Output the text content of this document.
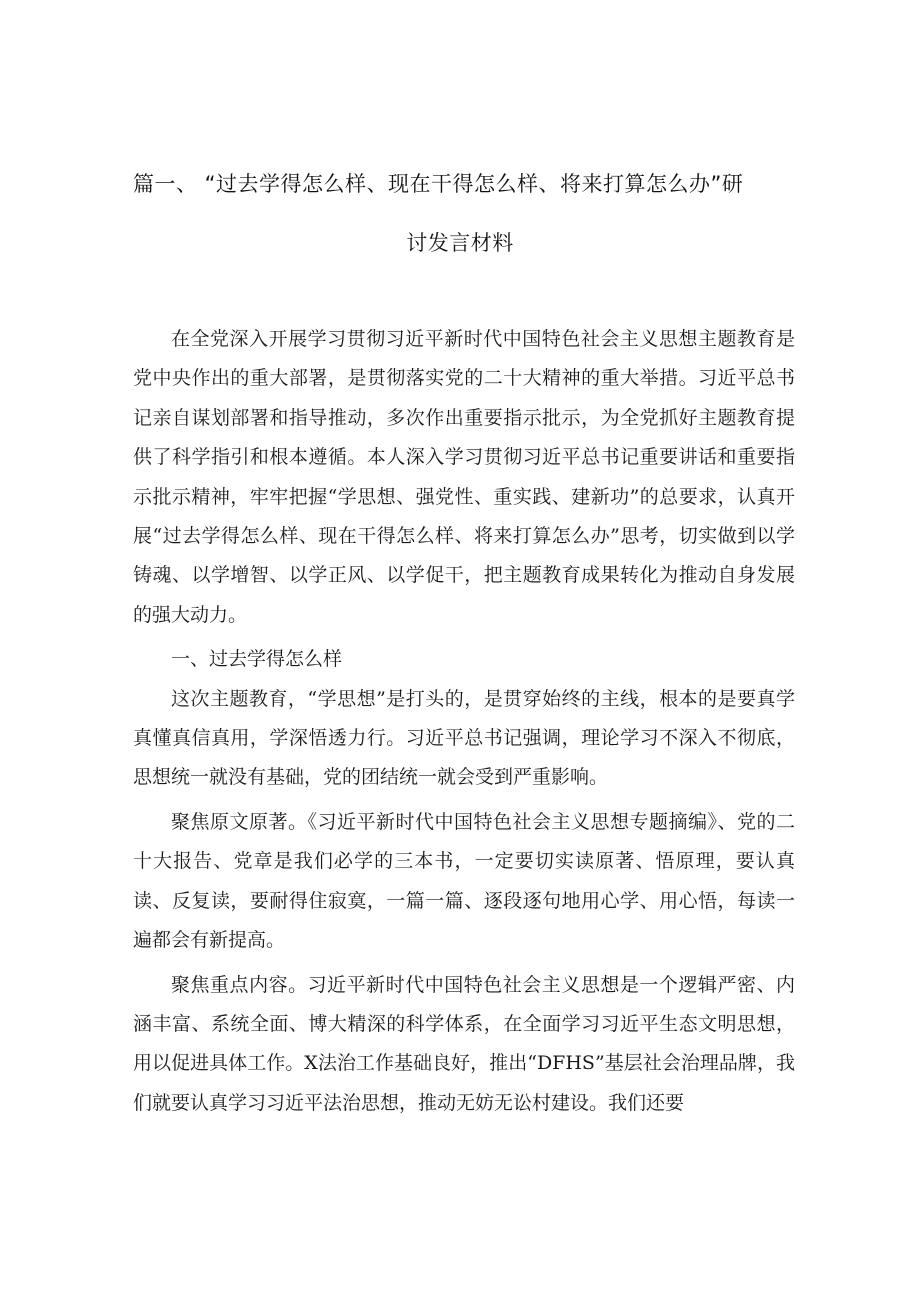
篇一、 “过去学得怎么样、现在干得怎么样、将来打算怎么办”研
讨发言材料

在全党深入开展学习贯彻习近平新时代中国特色社会主义思想主题教育是党中央作出的重大部署，是贯彻落实党的二十大精神的重大举措。习近平总书记亲自谋划部署和指导推动，多次作出重要指示批示，为全党抓好主题教育提供了科学指引和根本遵循。本人深入学习贯彻习近平总书记重要讲话和重要指示批示精神，牢牢把握“学思想、强党性、重实践、建新功”的总要求，认真开展“过去学得怎么样、现在干得怎么样、将来打算怎么办”思考，切实做到以学铸魂、以学增智、以学正风、以学促干，把主题教育成果转化为推动自身发展的强大动力。

一、过去学得怎么样

这次主题教育，“学思想”是打头的，是贯穿始终的主线，根本的是要真学真懂真信真用，学深悟透力行。习近平总书记强调，理论学习不深入不彻底，思想统一就没有基础，党的团结统一就会受到严重影响。

聚焦原文原著。《习近平新时代中国特色社会主义思想专题摘编》、党的二十大报告、党章是我们必学的三本书，一定要切实读原著、悟原理，要认真读、反复读，要耐得住寂寞，一篇一篇、逐段逐句地用心学、用心悟，每读一遍都会有新提高。

聚焦重点内容。习近平新时代中国特色社会主义思想是一个逻辑严密、内涵丰富、系统全面、博大精深的科学体系，在全面学习习近平生态文明思想，用以促进具体工作。X法治工作基础良好，推出“DFHS”基层社会治理品牌，我们就要认真学习习近平法治思想，推动无妨无讼村建设。我们还要
